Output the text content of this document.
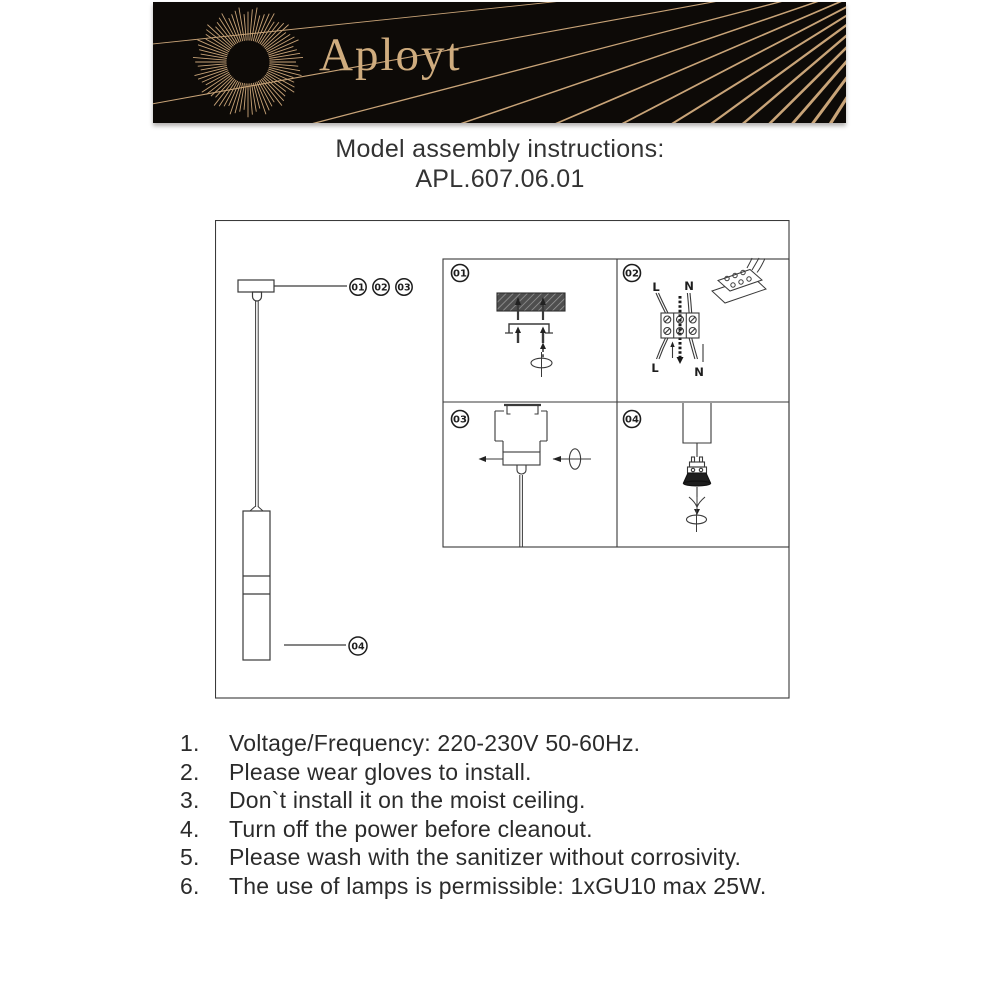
Aployt
Model assembly instructions:
APL.607.06.01
01 02 03
04
01	02
03	04
L N
L	N
1.	Voltage/Frequency: 220-230V 50-60Hz.
2.	Please wear gloves to install.
3.	Don`t install it on the moist ceiling.
4.	Turn off the power before cleanout.
5.	Please wash with the sanitizer without corrosivity.
6.	The use of lamps is permissible: 1xGU10 max 25W.
